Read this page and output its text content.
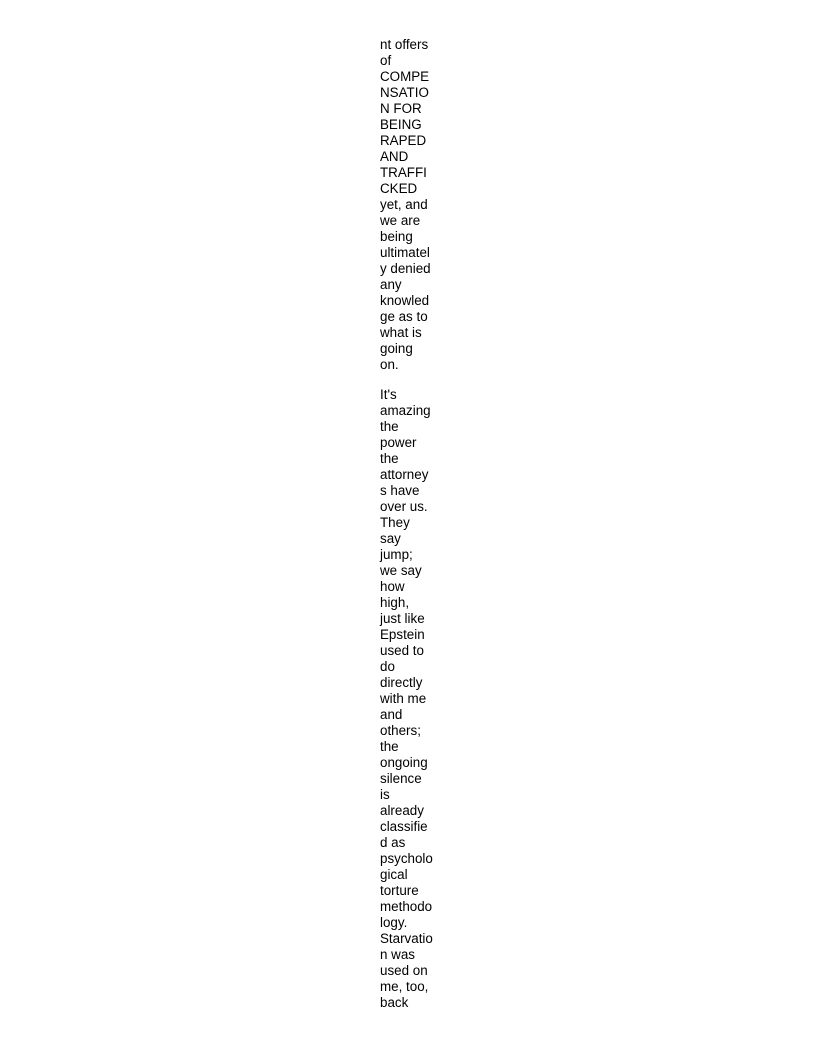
nt offers
of
COMPE
NSATIO
N FOR
BEING
RAPED
AND
TRAFFI
CKED
yet, and
we are
being
ultimatel
y denied
any
knowled
ge as to
what is
going
on.
It's
amazing
the
power
the
attorney
s have
over us.
They
say
jump;
we say
how
high,
just like
Epstein
used to
do
directly
with me
and
others;
the
ongoing
silence
is
already
classifie
d as
psycholo
gical
torture
methodo
logy.
Starvatio
n was
used on
me, too,
back
